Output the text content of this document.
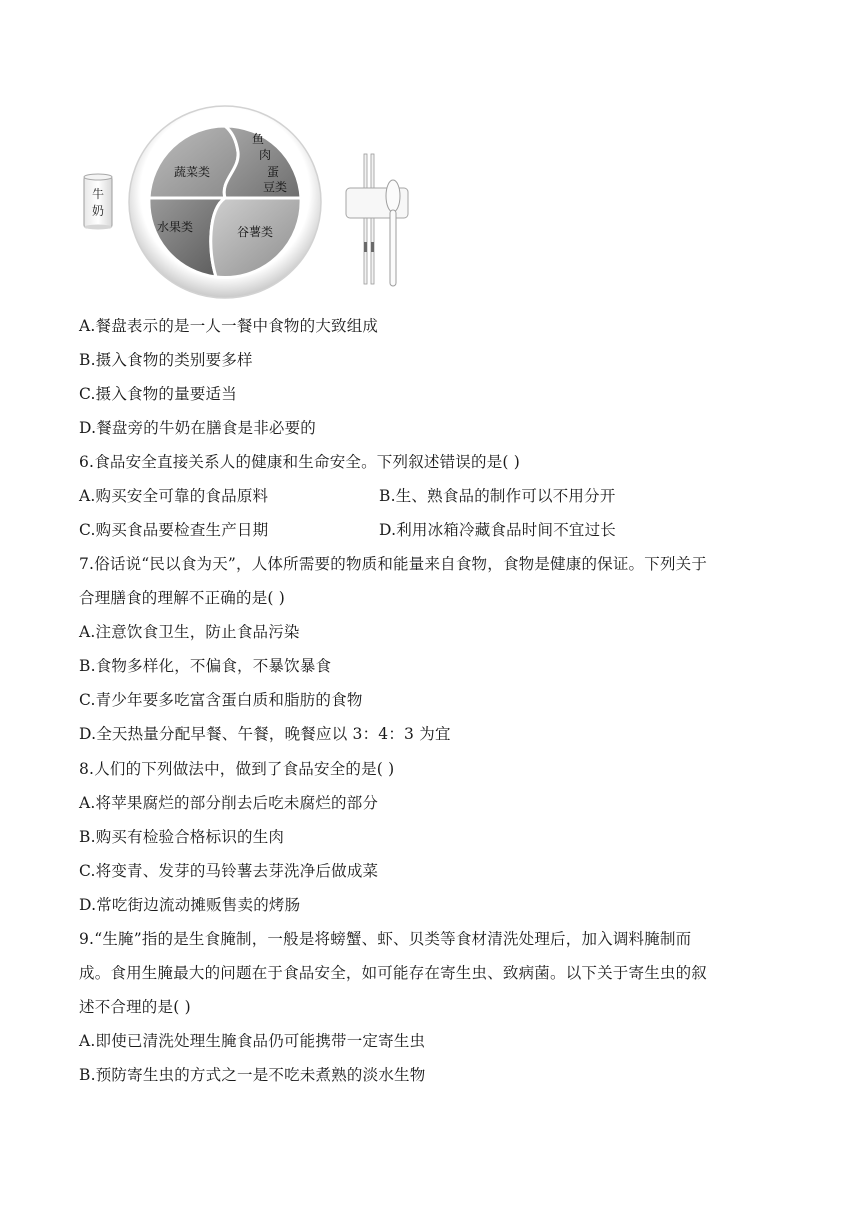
牛
奶
蔬菜类
鱼
肉
蛋
豆类
水果类	谷薯类
A.餐盘表示的是一人一餐中食物的大致组成
B.摄入食物的类别要多样
C.摄入食物的量要适当
D.餐盘旁的牛奶在膳食是非必要的
6.食品安全直接关系人的健康和生命安全。下列叙述错误的是( )
A.购买安全可靠的食品原料	B.生、熟食品的制作可以不用分开
C.购买食品要检查生产日期	D.利用冰箱冷藏食品时间不宜过长
7.俗话说“民以食为天”，人体所需要的物质和能量来自食物，食物是健康的保证。下列关于
合理膳食的理解不正确的是( )
A.注意饮食卫生，防止食品污染
B.食物多样化，不偏食，不暴饮暴食
C.青少年要多吃富含蛋白质和脂肪的食物
D.全天热量分配早餐、午餐，晚餐应以 3：4：3 为宜
8.人们的下列做法中，做到了食品安全的是( )
A.将苹果腐烂的部分削去后吃未腐烂的部分
B.购买有检验合格标识的生肉
C.将变青、发芽的马铃薯去芽洗净后做成菜
D.常吃街边流动摊贩售卖的烤肠
9.“生腌”指的是生食腌制，一般是将螃蟹、虾、贝类等食材清洗处理后，加入调料腌制而
成。食用生腌最大的问题在于食品安全，如可能存在寄生虫、致病菌。以下关于寄生虫的叙
述不合理的是( )
A.即使已清洗处理生腌食品仍可能携带一定寄生虫
B.预防寄生虫的方式之一是不吃未煮熟的淡水生物
